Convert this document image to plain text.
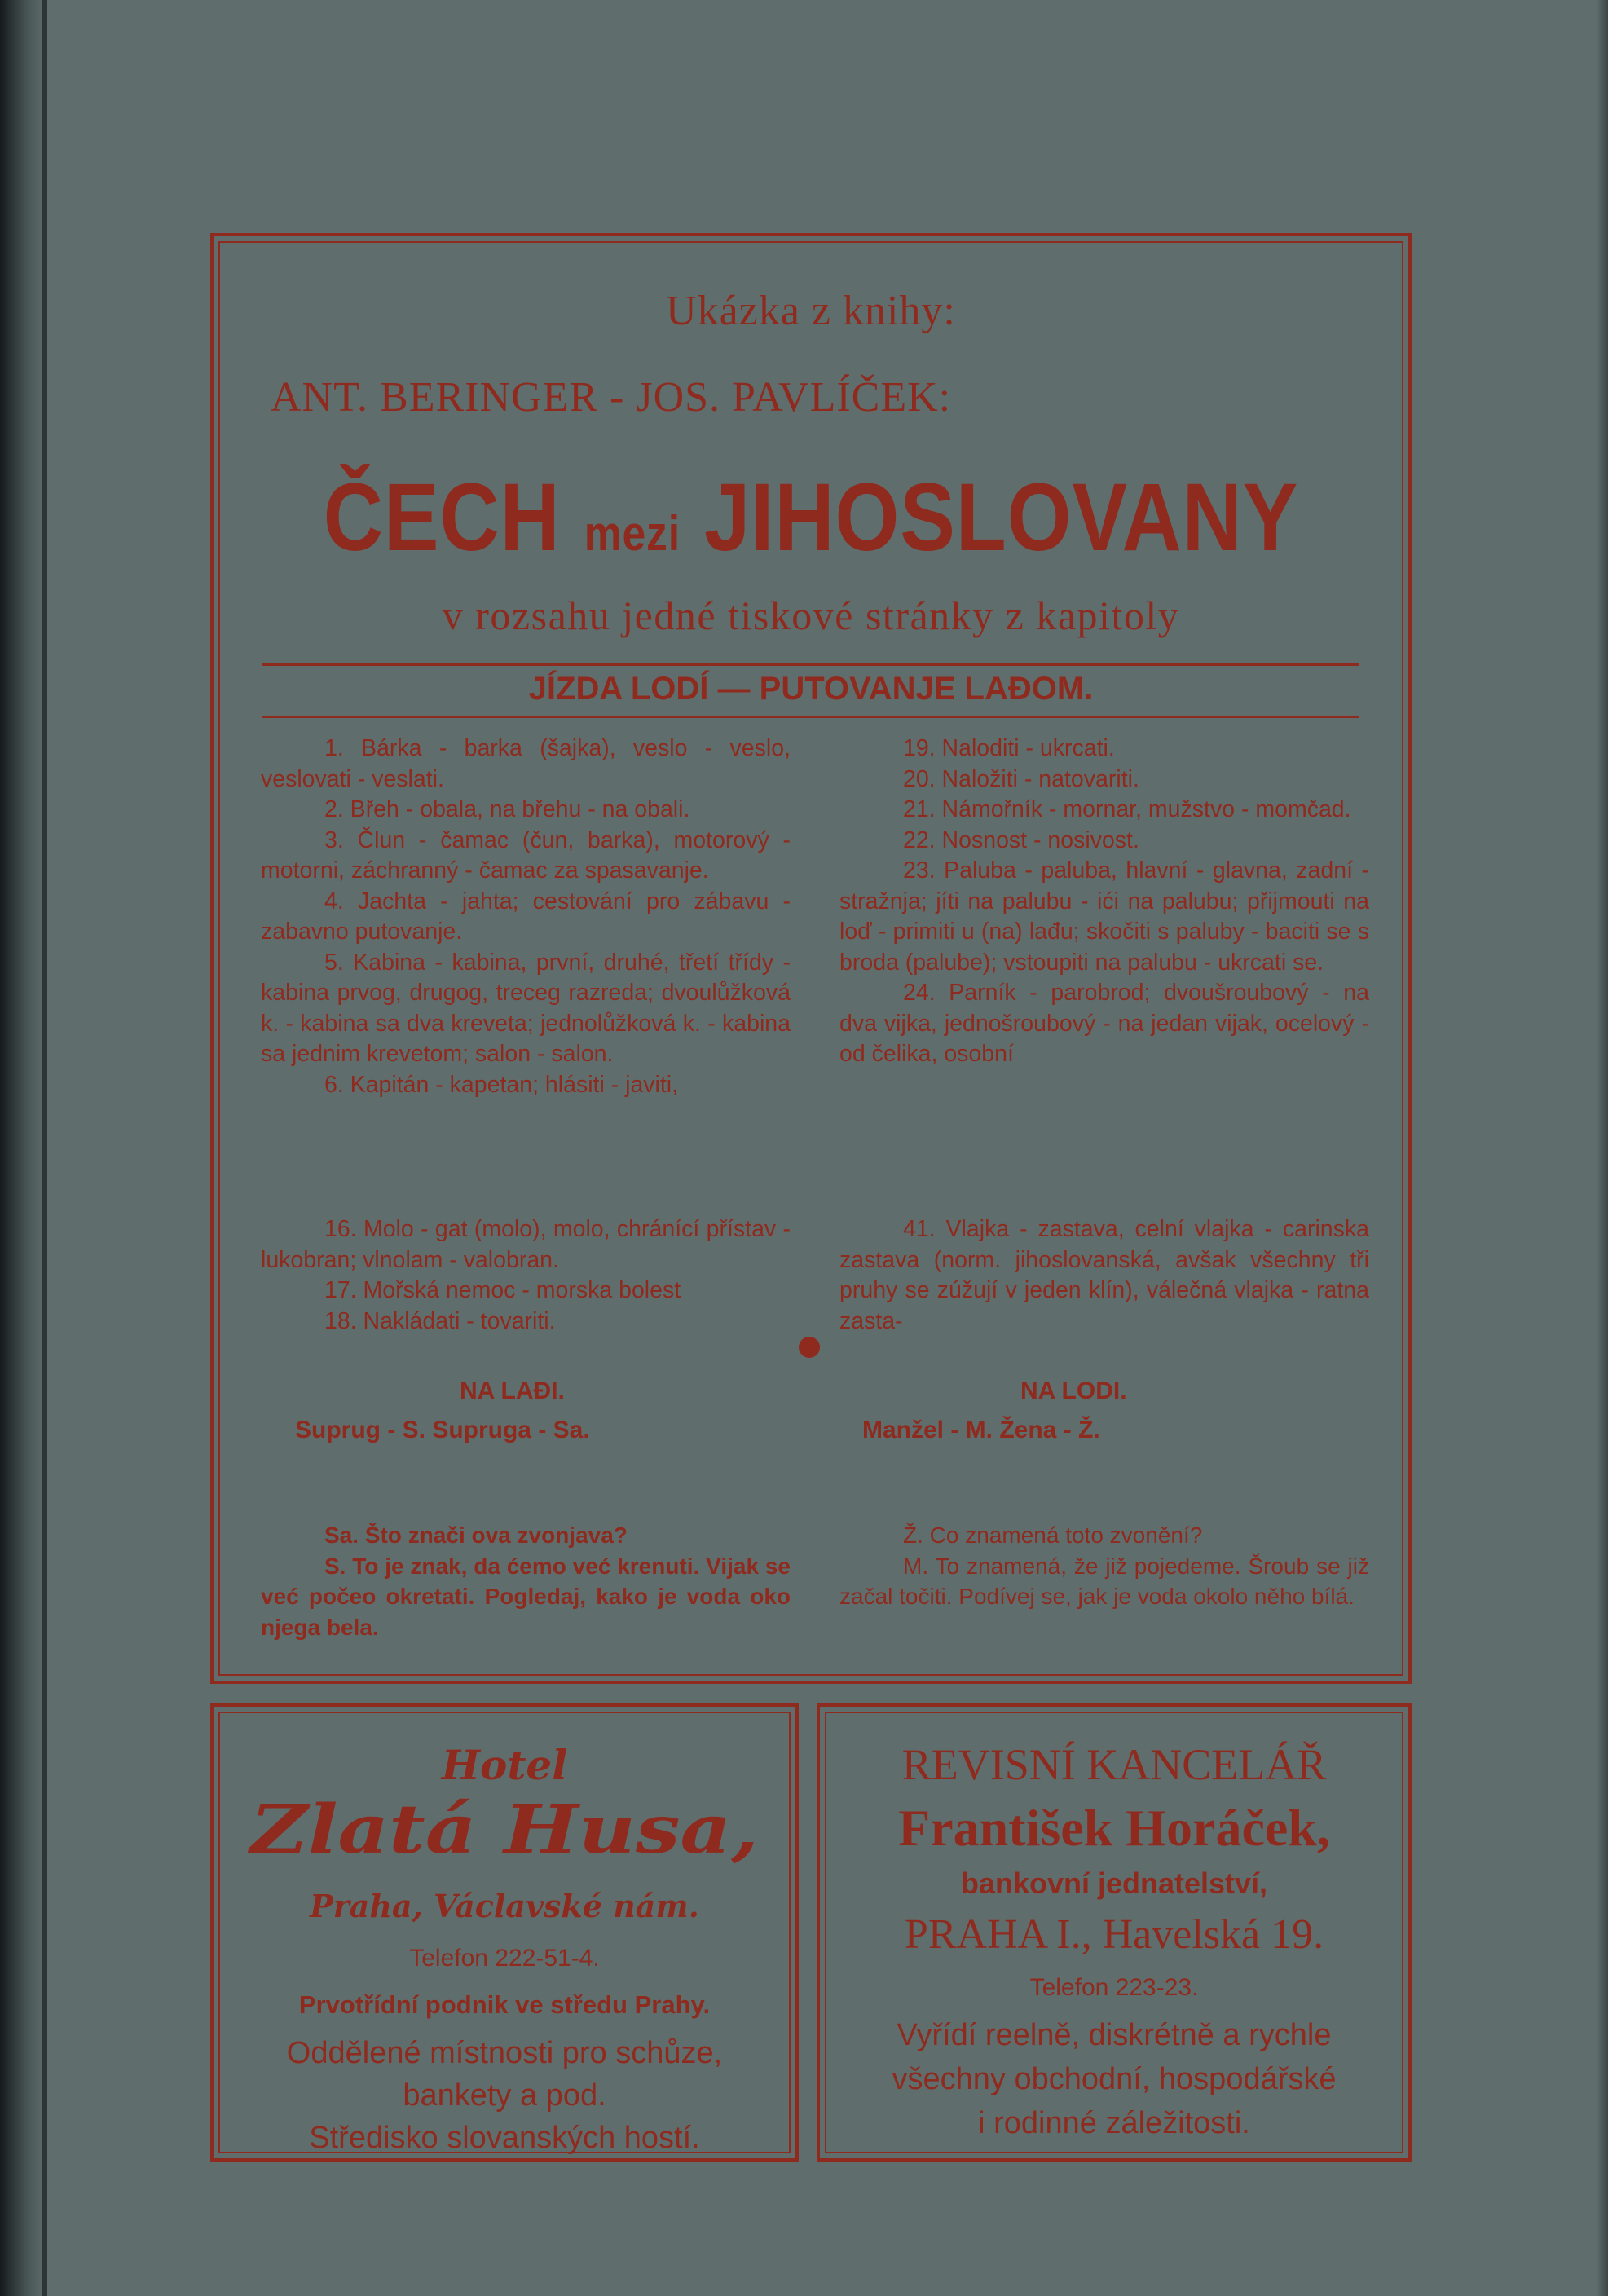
Ukázka z knihy:
ANT. BERINGER - JOS. PAVLÍČEK:
ČECH mezi JIHOSLOVANY
v rozsahu jedné tiskové stránky z kapitoly
JÍZDA LODÍ — PUTOVANJE LAĐOM.

1. Bárka - barka (šajka), veslo - veslo, veslovati - veslati.

2. Břeh - obala, na břehu - na obali.

3. Člun - čamac (čun, barka), motorový - motorni, záchranný - čamac za spasavanje.

4. Jachta - jahta; cestování pro zábavu - zabavno putovanje.

5. Kabina - kabina, první, druhé, třetí třídy - kabina prvog, drugog, treceg razreda; dvoulůžková k. - kabina sa dva kreveta; jednolůžková k. - kabina sa jednim krevetom; salon - salon.

6. Kapitán - kapetan; hlásiti - javiti,

19. Naloditi - ukrcati.

20. Naložiti - natovariti.

21. Námořník - mornar, mužstvo - momčad.

22. Nosnost - nosivost.

23. Paluba - paluba, hlavní - glavna, zadní - stražnja; jíti na palubu - ići na palubu; přijmouti na loď - primiti u (na) lađu; skočiti s paluby - baciti se s broda (palube); vstoupiti na palubu - ukrcati se.

24. Parník - parobrod; dvoušroubový - na dva vijka, jednošroubový - na jedan vijak, ocelový - od čelika, osobní

16. Molo - gat (molo), molo, chránící přístav - lukobran; vlnolam - valobran.

17. Mořská nemoc - morska bolest

18. Nakládati - tovariti.

41. Vlajka - zastava, celní vlajka - carinska zastava (norm. jihoslovanská, avšak všechny tři pruhy se zúžují v jeden klín), válečná vlajka - ratna zasta-

NA LAĐI.	NA LODI.
Suprug - S. Supruga - Sa.	Manžel - M. Žena - Ž.

Sa. Što znači ova zvonjava?

S. To je znak, da ćemo već krenuti. Vijak se već počeo okretati. Pogledaj, kako je voda oko njega bela.

Ž. Co znamená toto zvonění?

M. To znamená, že již pojedeme. Šroub se již začal točiti. Podívej se, jak je voda okolo něho bílá.

Hotel
Zlatá Husa,
Praha, Václavské nám.
Telefon 222-51-4.
Prvotřídní podnik ve středu Prahy.
Oddělené místnosti pro schůze,
bankety a pod.
Středisko slovanských hostí.
REVISNÍ KANCELÁŘ
František Horáček,
bankovní jednatelství,
PRAHA I., Havelská 19.
Telefon 223-23.
Vyřídí reelně, diskrétně a rychle
všechny obchodní, hospodářské
i rodinné záležitosti.
